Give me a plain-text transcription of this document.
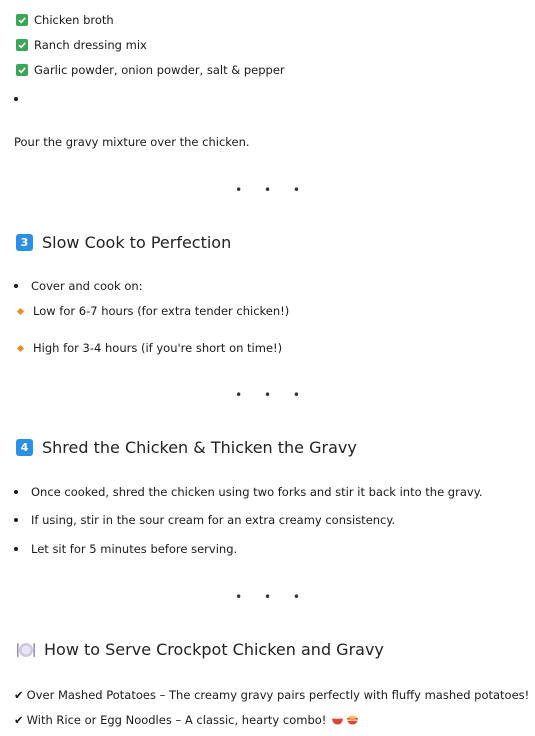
Chicken broth
Ranch dressing mix
Garlic powder, onion powder, salt & pepper
Pour the gravy mixture over the chicken.
• • •
3 Slow Cook to Perfection
Cover and cook on:
Low for 6-7 hours (for extra tender chicken!)
High for 3-4 hours (if you're short on time!)
• • •
4 Shred the Chicken & Thicken the Gravy
Once cooked, shred the chicken using two forks and stir it back into the gravy.
If using, stir in the sour cream for an extra creamy consistency.
Let sit for 5 minutes before serving.
• • •
How to Serve Crockpot Chicken and Gravy
✔ Over Mashed Potatoes – The creamy gravy pairs perfectly with fluffy mashed potatoes!
✔ With Rice or Egg Noodles – A classic, hearty combo!
